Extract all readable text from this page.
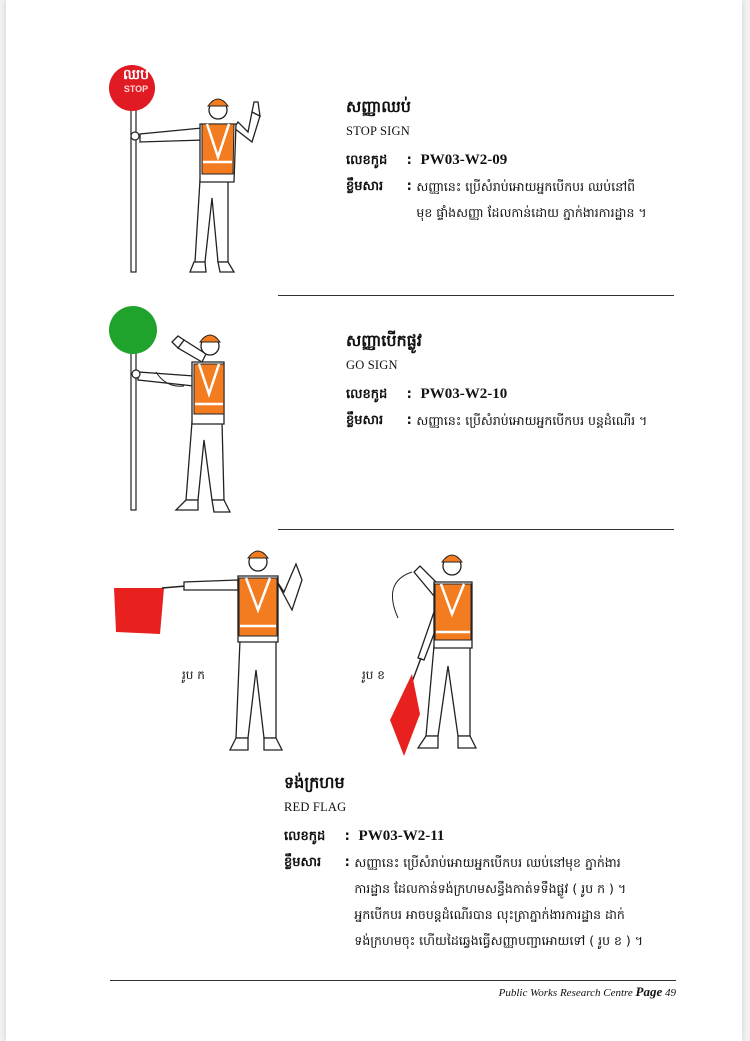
ឈប់
STOP
សញ្ញាឈប់
STOP SIGN
លេខកូដ  :  PW03-W2-09
ខ្លឹមសារ  : សញ្ញានេះ ប្រើសំរាប់អោយអ្នកបើកបរ ឈប់នៅពី
មុខ ផ្ទាំងសញ្ញា ដែលកាន់ដោយ ភ្នាក់ងារការដ្ឋាន ។
សញ្ញាបើកផ្លូវ
GO SIGN
លេខកូដ  :  PW03-W2-10
ខ្លឹមសារ  : សញ្ញានេះ ប្រើសំរាប់អោយអ្នកបើកបរ បន្តដំណើរ ។
រូប ក	រូប ខ
ទង់ក្រហម
RED FLAG
លេខកូដ  :  PW03-W2-11
ខ្លឹមសារ  : សញ្ញានេះ ប្រើសំរាប់អោយអ្នកបើកបរ ឈប់នៅមុខ ភ្នាក់ងារ
ការដ្ឋាន ដែលកាន់ទង់ក្រហមសន្ធឹងកាត់ទទឹងផ្លូវ ( រូប ក ) ។
អ្នកបើកបរ អាចបន្តដំណើរបាន លុះត្រាភ្នាក់ងារការដ្ឋាន ដាក់
ទង់ក្រហមចុះ ហើយដៃឆ្វេងធ្វើសញ្ញាបញ្ជាអោយទៅ ( រូប ខ ) ។
Public Works Research Centre Page 49
